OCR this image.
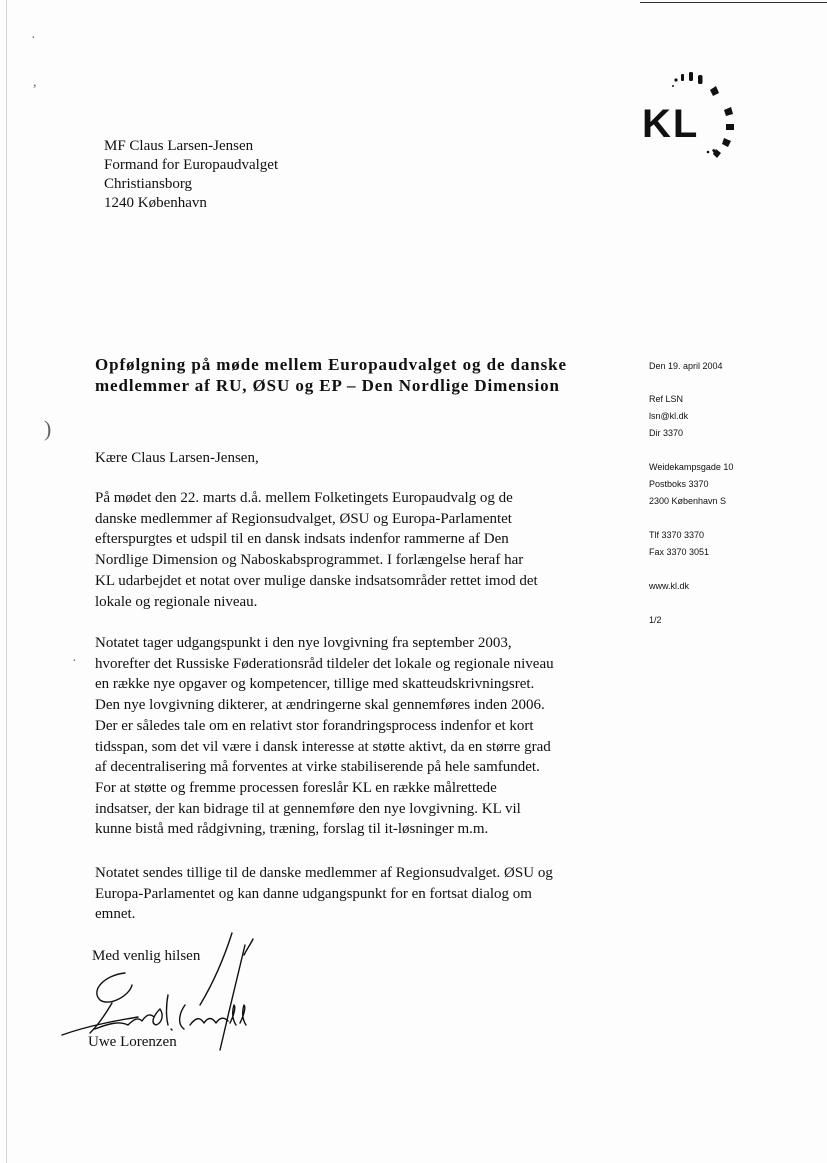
·
,
)
·
KL
MF Claus Larsen-Jensen
Formand for Europaudvalget
Christiansborg
1240 København
Opfølgning på møde mellem Europaudvalget og de danske medlemmer af RU, ØSU og EP – Den Nordlige Dimension
Den 19. april 2004
Ref LSN
lsn@kl.dk
Dir 3370
Weidekampsgade 10
Postboks 3370
2300 København S
Tlf 3370 3370
Fax 3370 3051
www.kl.dk
1/2
Kære Claus Larsen-Jensen,
På mødet den 22. marts d.å. mellem Folketingets Europaudvalg og de
danske medlemmer af Regionsudvalget, ØSU og Europa-Parlamentet
efterspurgtes et udspil til en dansk indsats indenfor rammerne af Den
Nordlige Dimension og Naboskabsprogrammet. I forlængelse heraf har
KL udarbejdet et notat over mulige danske indsatsområder rettet imod det
lokale og regionale niveau.
Notatet tager udgangspunkt i den nye lovgivning fra september 2003,
hvorefter det Russiske Føderationsråd tildeler det lokale og regionale niveau
en række nye opgaver og kompetencer, tillige med skatteudskrivningsret.
Den nye lovgivning dikterer, at ændringerne skal gennemføres inden 2006.
Der er således tale om en relativt stor forandringsprocess indenfor et kort
tidsspan, som det vil være i dansk interesse at støtte aktivt, da en større grad
af decentralisering må forventes at virke stabiliserende på hele samfundet.
For at støtte og fremme processen foreslår KL en række målrettede
indsatser, der kan bidrage til at gennemføre den nye lovgivning. KL vil
kunne bistå med rådgivning, træning, forslag til it-løsninger m.m.
Notatet sendes tillige til de danske medlemmer af Regionsudvalget. ØSU og
Europa-Parlamentet og kan danne udgangspunkt for en fortsat dialog om
emnet.
Med venlig hilsen
Uwe Lorenzen
